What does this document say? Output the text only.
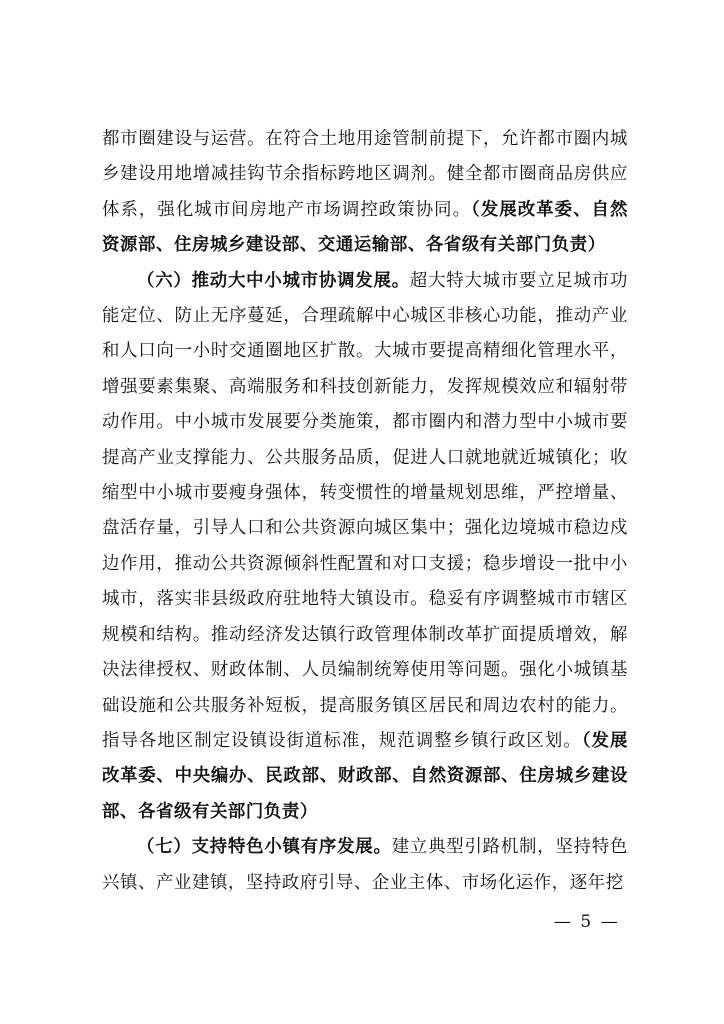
都市圈建设与运营。在符合土地用途管制前提下，允许都市圈内城乡建设用地增减挂钩节余指标跨地区调剂。健全都市圈商品房供应体系，强化城市间房地产市场调控政策协同。（发展改革委、自然资源部、住房城乡建设部、交通运输部、各省级有关部门负责）

（六）推动大中小城市协调发展。超大特大城市要立足城市功能定位、防止无序蔓延，合理疏解中心城区非核心功能，推动产业和人口向一小时交通圈地区扩散。大城市要提高精细化管理水平，增强要素集聚、高端服务和科技创新能力，发挥规模效应和辐射带动作用。中小城市发展要分类施策，都市圈内和潜力型中小城市要提高产业支撑能力、公共服务品质，促进人口就地就近城镇化；收缩型中小城市要瘦身强体，转变惯性的增量规划思维，严控增量、盘活存量，引导人口和公共资源向城区集中；强化边境城市稳边戍边作用，推动公共资源倾斜性配置和对口支援；稳步增设一批中小城市，落实非县级政府驻地特大镇设市。稳妥有序调整城市市辖区规模和结构。推动经济发达镇行政管理体制改革扩面提质增效，解决法律授权、财政体制、人员编制统筹使用等问题。强化小城镇基础设施和公共服务补短板，提高服务镇区居民和周边农村的能力。指导各地区制定设镇设街道标准，规范调整乡镇行政区划。（发展改革委、中央编办、民政部、财政部、自然资源部、住房城乡建设部、各省级有关部门负责）

（七）支持特色小镇有序发展。建立典型引路机制，坚持特色兴镇、产业建镇，坚持政府引导、企业主体、市场化运作，逐年挖

— 5 —
